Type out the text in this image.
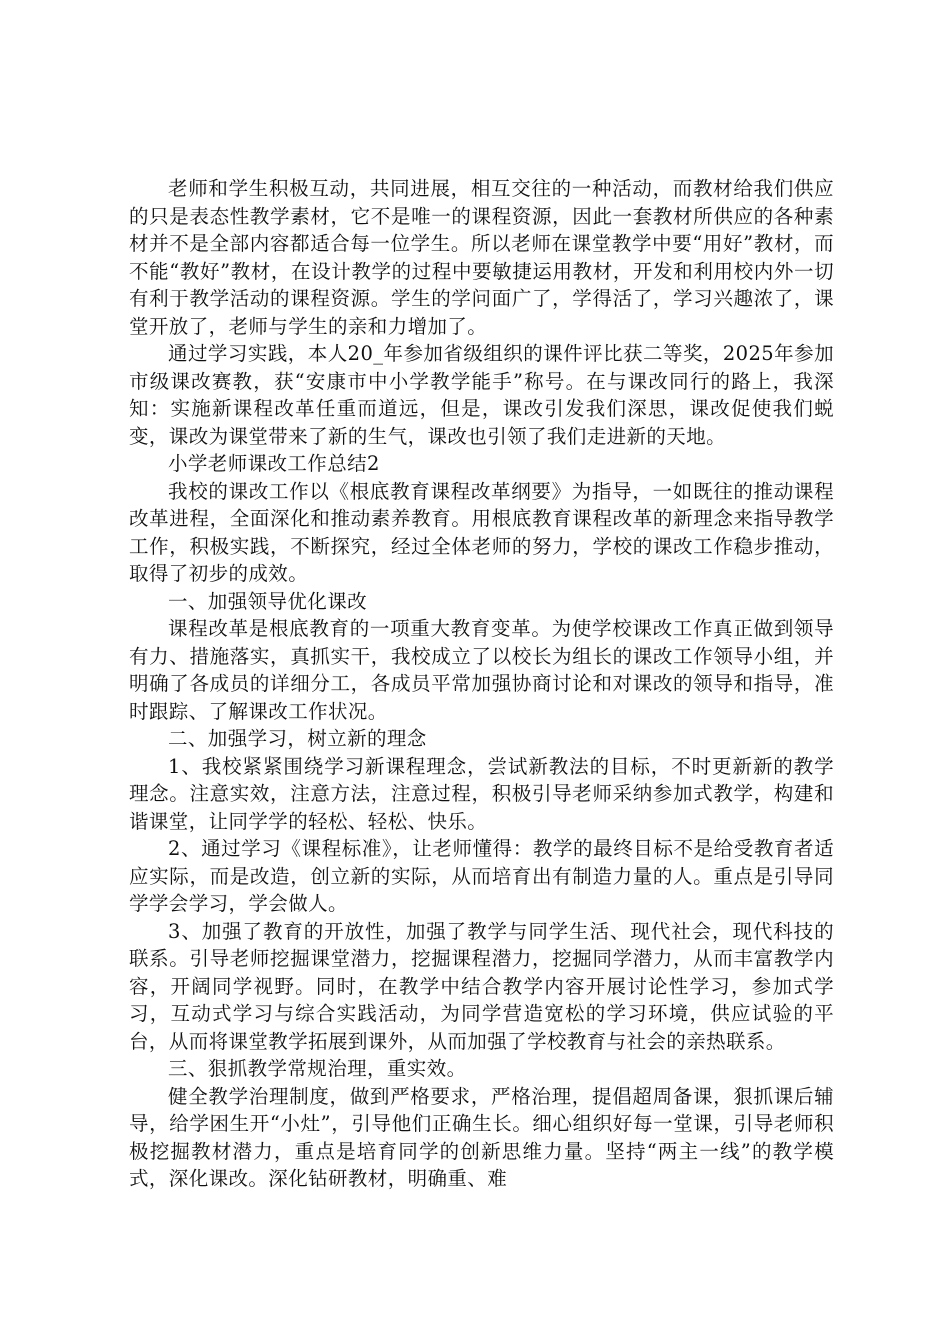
老师和学生积极互动，共同进展，相互交往的一种活动，而教材给我们供应的只是表态性教学素材，它不是唯一的课程资源，因此一套教材所供应的各种素材并不是全部内容都适合每一位学生。所以老师在课堂教学中要“用好”教材，而不能“教好”教材，在设计教学的过程中要敏捷运用教材，开发和利用校内外一切有利于教学活动的课程资源。学生的学问面广了，学得活了，学习兴趣浓了，课堂开放了，老师与学生的亲和力增加了。

通过学习实践，本人20_年参加省级组织的课件评比获二等奖，2025年参加市级课改赛教，获“安康市中小学教学能手”称号。在与课改同行的路上，我深知：实施新课程改革任重而道远，但是，课改引发我们深思，课改促使我们蜕变，课改为课堂带来了新的生气，课改也引领了我们走进新的天地。

小学老师课改工作总结2

我校的课改工作以《根底教育课程改革纲要》为指导，一如既往的推动课程改革进程，全面深化和推动素养教育。用根底教育课程改革的新理念来指导教学工作，积极实践，不断探究，经过全体老师的努力，学校的课改工作稳步推动，取得了初步的成效。

一、加强领导优化课改

课程改革是根底教育的一项重大教育变革。为使学校课改工作真正做到领导有力、措施落实，真抓实干，我校成立了以校长为组长的课改工作领导小组，并明确了各成员的详细分工，各成员平常加强协商讨论和对课改的领导和指导，准时跟踪、了解课改工作状况。

二、加强学习，树立新的理念

1、我校紧紧围绕学习新课程理念，尝试新教法的目标，不时更新新的教学理念。注意实效，注意方法，注意过程，积极引导老师采纳参加式教学，构建和谐课堂，让同学学的轻松、轻松、快乐。

2、通过学习《课程标准》，让老师懂得：教学的最终目标不是给受教育者适应实际，而是改造，创立新的实际，从而培育出有制造力量的人。重点是引导同学学会学习，学会做人。

3、加强了教育的开放性，加强了教学与同学生活、现代社会，现代科技的联系。引导老师挖掘课堂潜力，挖掘课程潜力，挖掘同学潜力，从而丰富教学内容，开阔同学视野。同时，在教学中结合教学内容开展讨论性学习，参加式学习，互动式学习与综合实践活动，为同学营造宽松的学习环境，供应试验的平台，从而将课堂教学拓展到课外，从而加强了学校教育与社会的亲热联系。

三、狠抓教学常规治理，重实效。

健全教学治理制度，做到严格要求，严格治理，提倡超周备课，狠抓课后辅导，给学困生开“小灶”，引导他们正确生长。细心组织好每一堂课，引导老师积极挖掘教材潜力，重点是培育同学的创新思维力量。坚持“两主一线”的教学模式，深化课改。深化钻研教材，明确重、难
